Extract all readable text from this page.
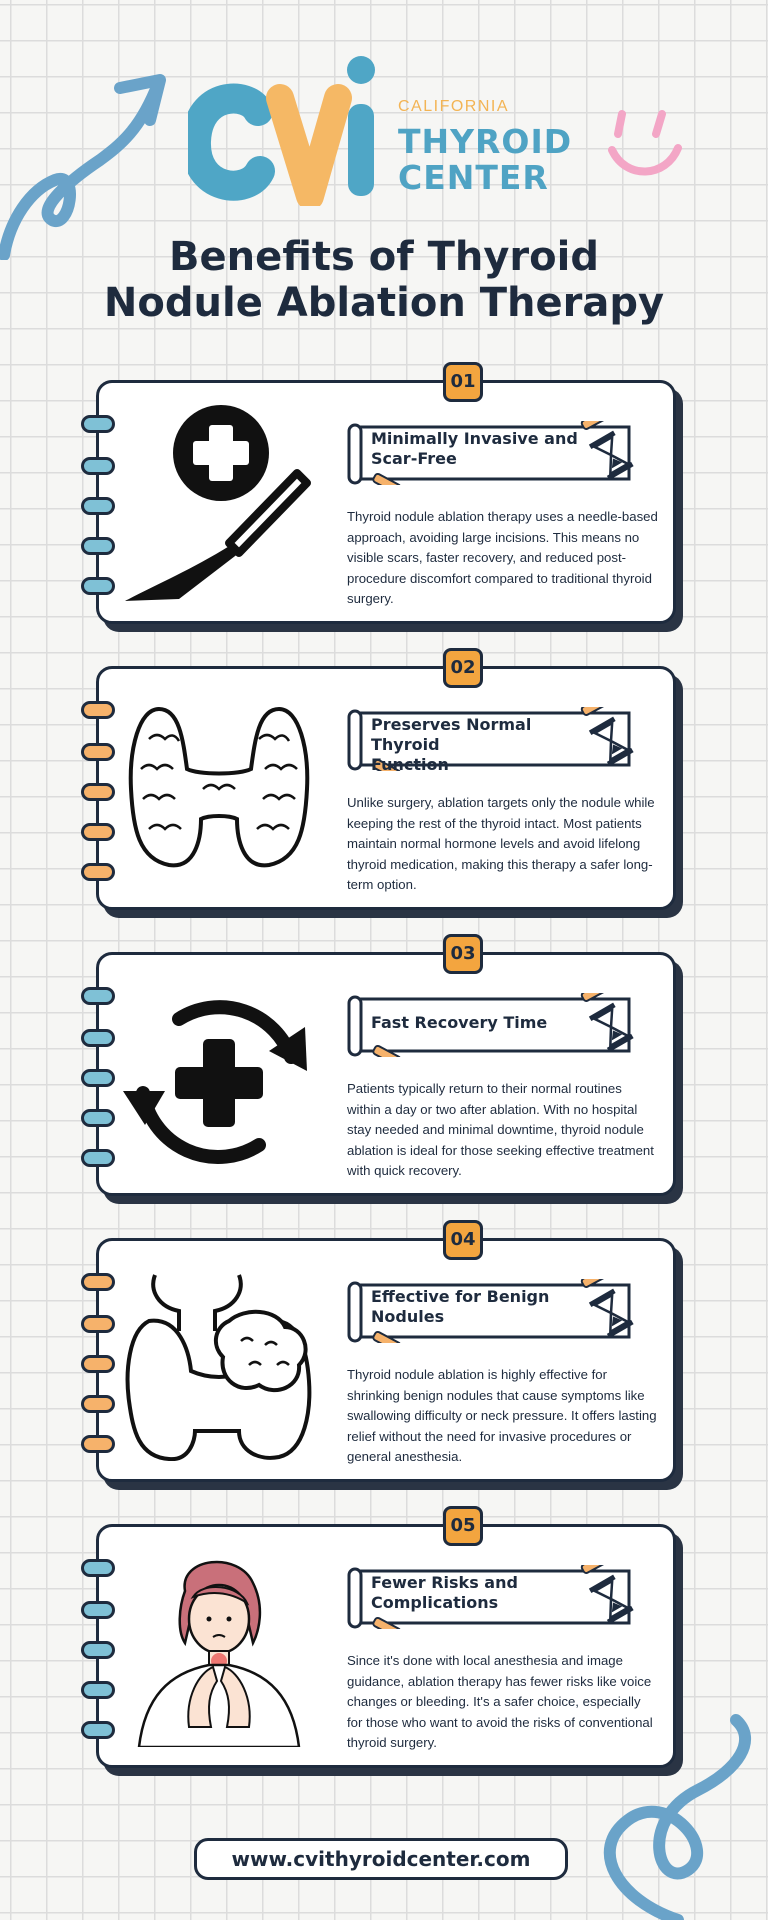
CALIFORNIA
THYROID
CENTER
Benefits of Thyroid
Nodule Ablation Therapy
01
Minimally Invasive and
Scar-Free
Thyroid nodule ablation therapy uses a needle-based approach, avoiding large incisions. This means no visible scars, faster recovery, and reduced post-procedure discomfort compared to traditional thyroid surgery.
02
Preserves Normal Thyroid
Function
Unlike surgery, ablation targets only the nodule while keeping the rest of the thyroid intact. Most patients maintain normal hormone levels and avoid lifelong thyroid medication, making this therapy a safer long-term option.
03
Fast Recovery Time
Patients typically return to their normal routines within a day or two after ablation. With no hospital stay needed and minimal downtime, thyroid nodule ablation is ideal for those seeking effective treatment with quick recovery.
04
Effective for Benign
Nodules
Thyroid nodule ablation is highly effective for shrinking benign nodules that cause symptoms like swallowing difficulty or neck pressure. It offers lasting relief without the need for invasive procedures or general anesthesia.
05
Fewer Risks and
Complications
Since it's done with local anesthesia and image guidance, ablation therapy has fewer risks like voice changes or bleeding. It's a safer choice, especially for those who want to avoid the risks of conventional thyroid surgery.
www.cvithyroidcenter.com
